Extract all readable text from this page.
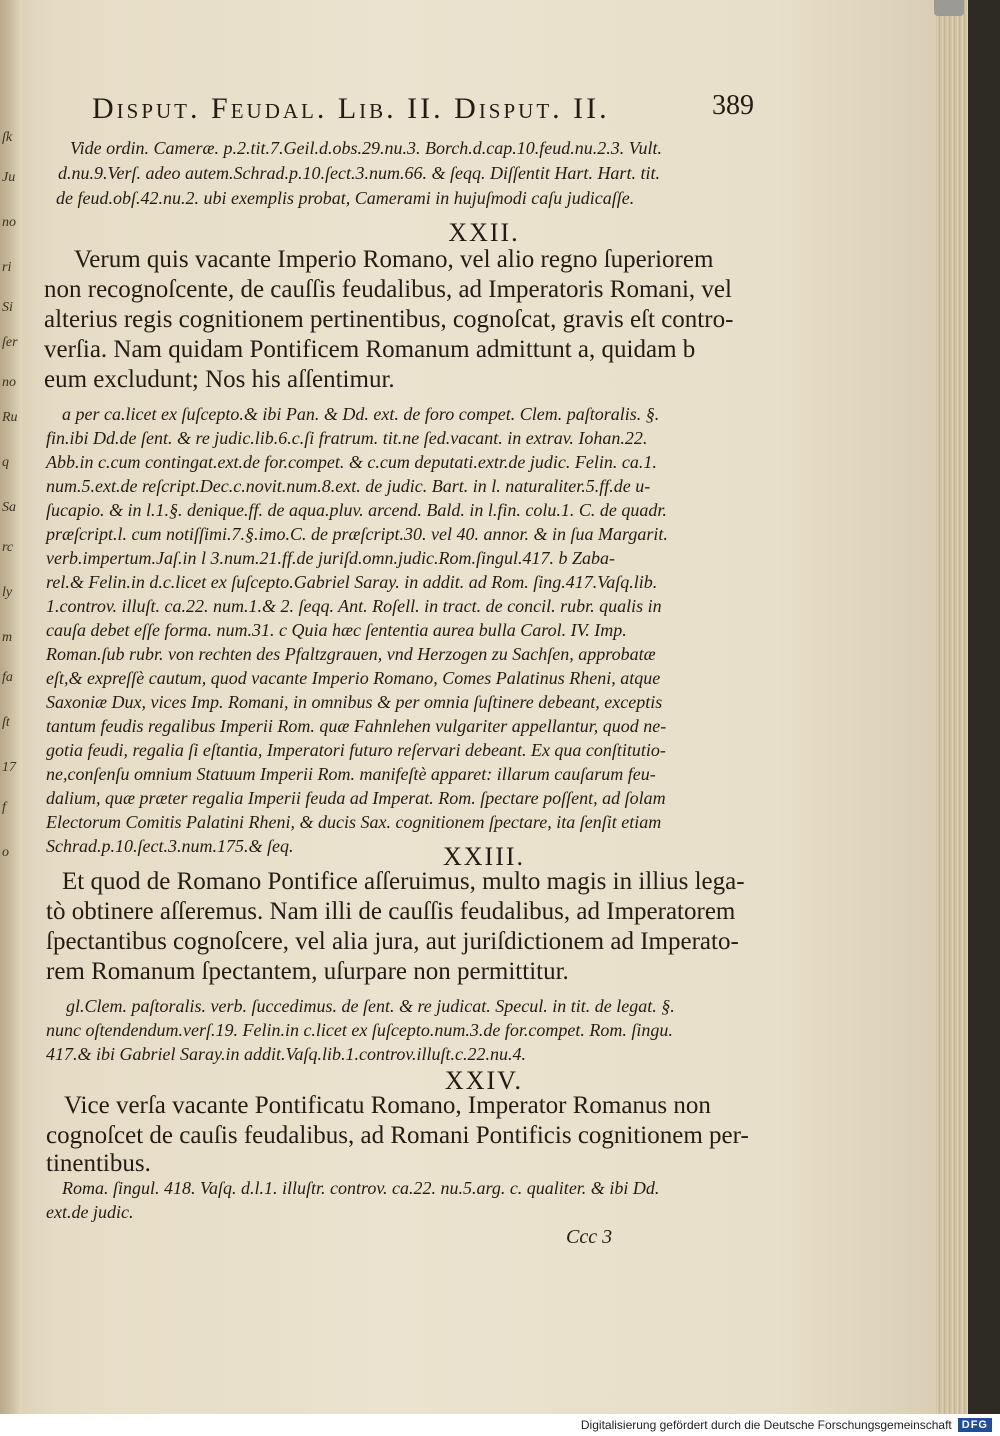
ſk
Ju
no
ri
Si
ſer
no
Ru
q
Sa
rc
ly
m
fa
ſt
17
f
o
Disput. Feudal. Lib. II. Disput. II.	389
Vide ordin. Cameræ. p.2.tit.7.Geil.d.obs.29.nu.3. Borch.d.cap.10.feud.nu.2.3. Vult.
d.nu.9.Verſ. adeo autem.Schrad.p.10.ſect.3.num.66. & ſeqq. Diſſentit Hart. Hart. tit.
de feud.obſ.42.nu.2. ubi exemplis probat, Camerami in hujuſmodi caſu judicaſſe.
XXII.
Verum quis vacante Imperio Romano, vel alio regno ſuperiorem
non recognoſcente, de cauſſis feudalibus, ad Imperatoris Romani, vel
alterius regis cognitionem pertinentibus, cognoſcat, gravis eſt contro-
verſia. Nam quidam Pontificem Romanum admittunt a, quidam b
eum excludunt; Nos his aſſentimur.
a per ca.licet ex ſuſcepto.& ibi Pan. & Dd. ext. de foro compet. Clem. paſtoralis. §.
fin.ibi Dd.de ſent. & re judic.lib.6.c.ſi fratrum. tit.ne ſed.vacant. in extrav. Iohan.22.
Abb.in c.cum contingat.ext.de for.compet. & c.cum deputati.extr.de judic. Felin. ca.1.
num.5.ext.de reſcript.Dec.c.novit.num.8.ext. de judic. Bart. in l. naturaliter.5.ff.de u-
ſucapio. & in l.1.§. denique.ff. de aqua.pluv. arcend. Bald. in l.fin. colu.1. C. de quadr.
præſcript.l. cum notiſſimi.7.§.imo.C. de præſcript.30. vel 40. annor. & in ſua Margarit.
verb.impertum.Jaſ.in l 3.num.21.ff.de juriſd.omn.judic.Rom.ſingul.417. b Zaba-
rel.& Felin.in d.c.licet ex ſuſcepto.Gabriel Saray. in addit. ad Rom. ſing.417.Vaſq.lib.
1.controv. illuſt. ca.22. num.1.& 2. ſeqq. Ant. Roſell. in tract. de concil. rubr. qualis in
cauſa debet eſſe forma. num.31. c Quia hæc ſententia aurea bulla Carol. IV. Imp.
Roman.ſub rubr. von rechten des Pfaltzgrauen, vnd Herzogen zu Sachſen, approbatæ
eſt,& expreſſè cautum, quod vacante Imperio Romano, Comes Palatinus Rheni, atque
Saxoniæ Dux, vices Imp. Romani, in omnibus & per omnia ſuſtinere debeant, exceptis
tantum feudis regalibus Imperii Rom. quæ Fahnlehen vulgariter appellantur, quod ne-
gotia feudi, regalia ſi eſtantia, Imperatori futuro reſervari debeant. Ex qua conſtitutio-
ne,conſenſu omnium Statuum Imperii Rom. manifeſtè apparet: illarum cauſarum feu-
dalium, quæ præter regalia Imperii feuda ad Imperat. Rom. ſpectare poſſent, ad ſolam
Electorum Comitis Palatini Rheni, & ducis Sax. cognitionem ſpectare, ita ſenſit etiam
Schrad.p.10.ſect.3.num.175.& ſeq.	XXIII.
Et quod de Romano Pontifice aſſeruimus, multo magis in illius lega-
tò obtinere aſſeremus. Nam illi de cauſſis feudalibus, ad Imperatorem
ſpectantibus cognoſcere, vel alia jura, aut juriſdictionem ad Imperato-
rem Romanum ſpectantem, uſurpare non permittitur.
gl.Clem. paſtoralis. verb. ſuccedimus. de ſent. & re judicat. Specul. in tit. de legat. §.
nunc oſtendendum.verſ.19. Felin.in c.licet ex ſuſcepto.num.3.de for.compet. Rom. ſingu.
417.& ibi Gabriel Saray.in addit.Vaſq.lib.1.controv.illuſt.c.22.nu.4.
XXIV.
Vice verſa vacante Pontificatu Romano, Imperator Romanus non
cognoſcet de cauſis feudalibus, ad Romani Pontificis cognitionem per-
tinentibus.
Roma. ſingul. 418. Vaſq. d.l.1. illuſtr. controv. ca.22. nu.5.arg. c. qualiter. & ibi Dd.
ext.de judic.
Ccc 3
Digitalisierung gefördert durch die Deutsche Forschungsgemeinschaft DFG
